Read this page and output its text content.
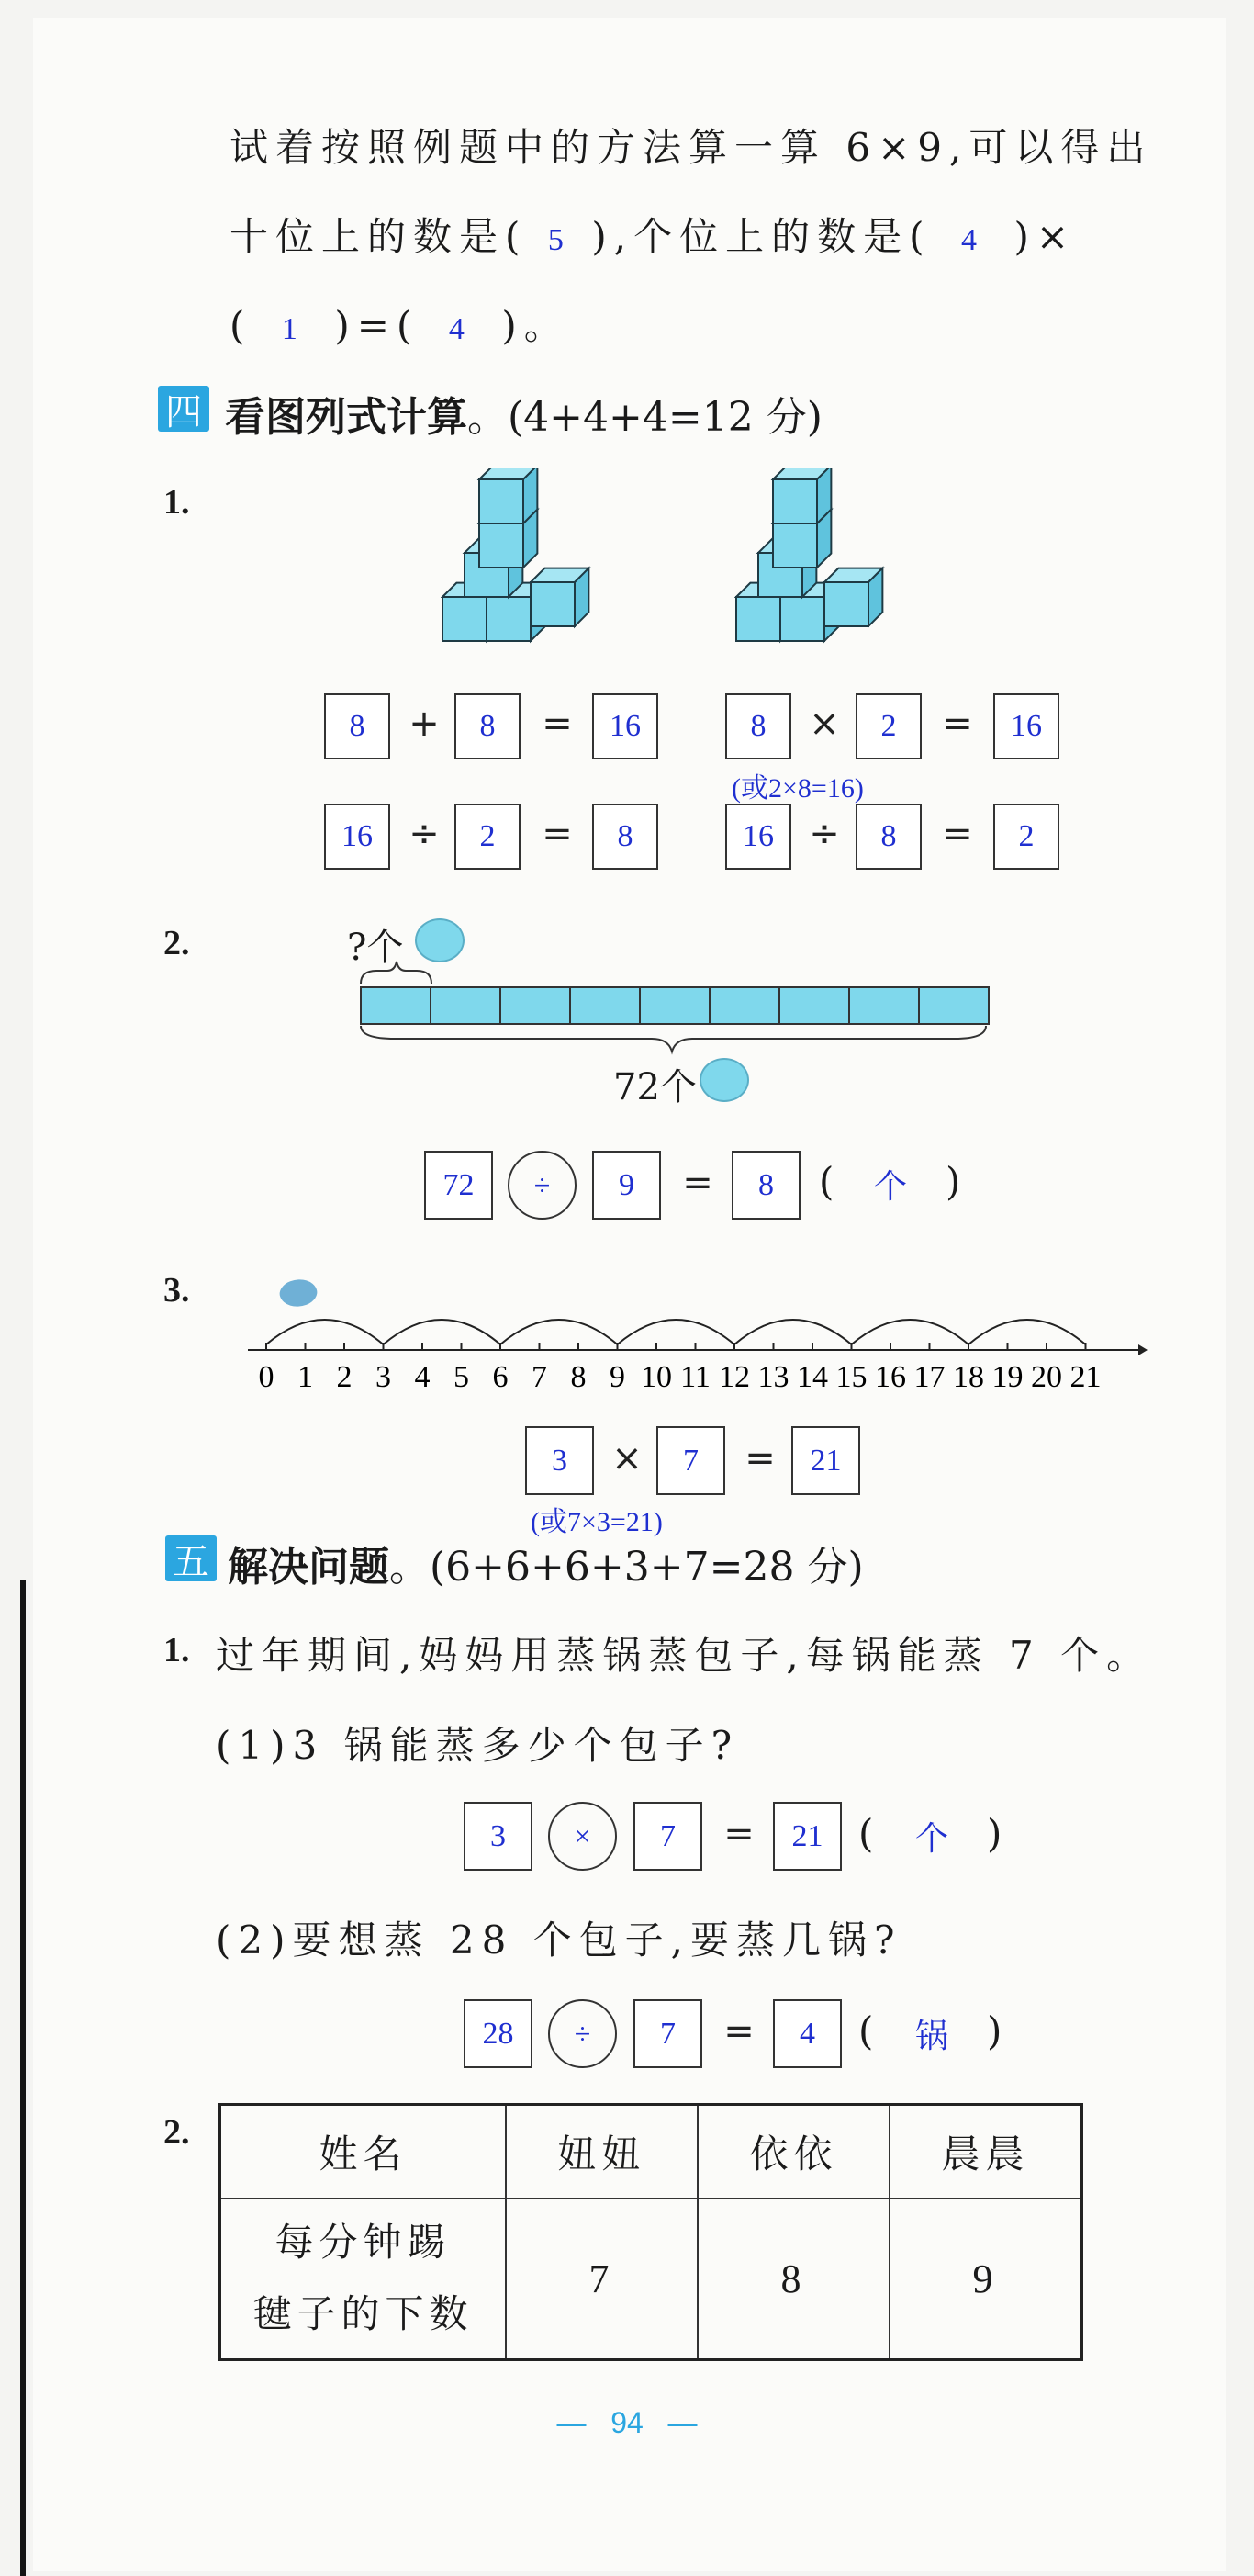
试着按照例题中的方法算一算 6×9,可以得出
十位上的数是( 5 ),个位上的数是( 4 )×
( 1 )=( 4 )。
四 看图列式计算。(4+4+4=12 分)
1.
8	+	8	=	16	8	×	2	=	16
(或2×8=16)
16 ÷	2	=	8	16 ÷	8	=	2
2.	?个
72个
72	÷	9	=	8	( 个 )
3.
0 1 2 3 4 5 6 7 8 9 10 11 12 13 14 15 16 17 18 19 20 21
3	×	7	=	21
(或7×3=21)
五 解决问题。(6+6+6+3+7=28 分)
1. 过年期间,妈妈用蒸锅蒸包子,每锅能蒸 7 个。
(1)3 锅能蒸多少个包子?
3	×	7	=	21 ( 个 )
(2)要想蒸 28 个包子,要蒸几锅?
28	÷	7	=	4	( 锅 )
2.	姓名	妞妞	依依	晨晨

每分钟踢
毽子的下数	7	8	9
—   94   —
